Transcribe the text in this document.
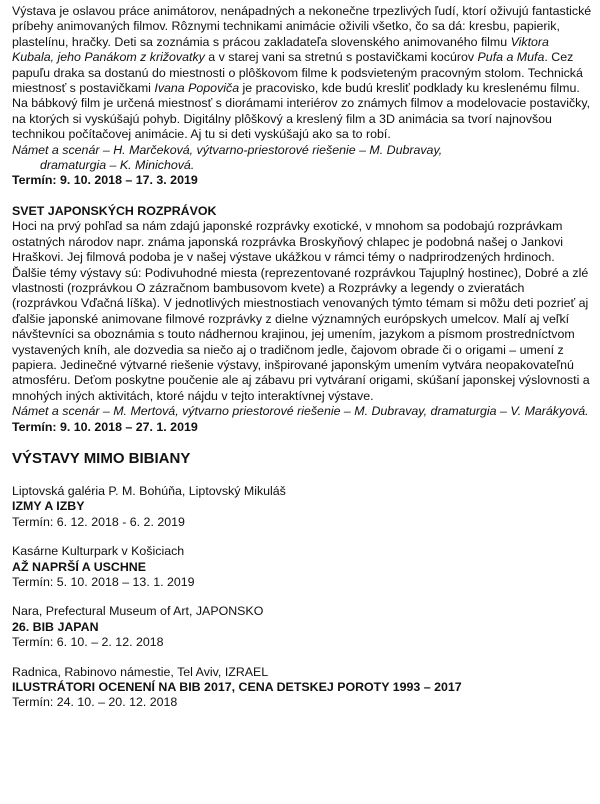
Výstava je oslavou práce animátorov, nenápadných a nekonečne trpezlivých ľudí, ktorí oživujú fantastické príbehy animovaných filmov. Rôznymi technikami animácie oživili všetko, čo sa dá: kresbu, papierik, plastelínu, hračky. Deti sa zoznámia s prácou zakladateľa slovenského animovaného filmu Viktora Kubala, jeho Panákom z križovatky a v starej vani sa stretnú s postavičkami kocúrov Pufa a Mufa. Cez papuľu draka sa dostanú do miestnosti o plôškovom filme k podsvieteným pracovným stolom. Technická miestnosť s postavičkami Ivana Popoviča je pracovisko, kde budú kresliť podklady ku kreslenému filmu. Na bábkový film je určená miestnosť s diorámami interiérov zo známych filmov a modelovacie postavičky, na ktorých si vyskúšajú pohyb. Digitálny plôškový a kreslený film a 3D animácia sa tvorí najnovšou technikou počítačovej animácie. Aj tu si deti vyskúšajú ako sa to robí.

Námet a scenár – H. Marčeková, výtvarno-priestorové riešenie – M. Dubravay,

dramaturgia – K. Minichová.

Termín: 9. 10. 2018 – 17. 3. 2019

SVET JAPONSKÝCH ROZPRÁVOK

Hoci na prvý pohľad sa nám zdajú japonské rozprávky exotické, v mnohom sa podobajú rozprávkam ostatných národov napr. známa japonská rozprávka Broskyňový chlapec je podobná našej o Jankovi Hraškovi. Jej filmová podoba je v našej výstave ukážkou v rámci témy o nadprirodzených hrdinoch. Ďalšie témy výstavy sú: Podivuhodné miesta (reprezentované rozprávkou Tajuplný hostinec), Dobré a zlé vlastnosti (rozprávkou O zázračnom bambusovom kvete) a Rozprávky a legendy o zvieratách (rozprávkou Vďačná líška). V jednotlivých miestnostiach venovaných týmto témam si môžu deti pozrieť aj ďalšie japonské animovane filmové rozprávky z dielne významných európskych umelcov. Malí aj veľkí návštevníci sa oboznámia s touto nádhernou krajinou, jej umením, jazykom a písmom prostredníctvom vystavených kníh, ale dozvedia sa niečo aj o tradičnom jedle, čajovom obrade či o origami – umení z papiera. Jedinečné výtvarné riešenie výstavy, inšpirované japonským umením vytvára neopakovateľnú atmosféru. Deťom poskytne poučenie ale aj zábavu pri vytváraní origami, skúšaní japonskej výslovnosti a mnohých iných aktivitách, ktoré nájdu v tejto interaktívnej výstave.

Námet a scenár – M. Mertová, výtvarno priestorové riešenie – M. Dubravay, dramaturgia – V. Marákyová.

Termín: 9. 10. 2018 – 27. 1. 2019

VÝSTAVY MIMO BIBIANY

Liptovská galéria P. M. Bohúňa, Liptovský Mikuláš

IZMY A IZBY

Termín: 6. 12. 2018 - 6. 2. 2019

Kasárne Kulturpark v Košiciach

AŽ NAPRŠÍ A USCHNE

Termín: 5. 10. 2018 – 13. 1. 2019

Nara, Prefectural Museum of Art, JAPONSKO

26. BIB JAPAN

Termín: 6. 10. – 2. 12. 2018

Radnica, Rabinovo námestie, Tel Aviv, IZRAEL

ILUSTRÁTORI OCENENÍ NA BIB 2017, CENA DETSKEJ POROTY 1993 – 2017

Termín: 24. 10. – 20. 12. 2018
